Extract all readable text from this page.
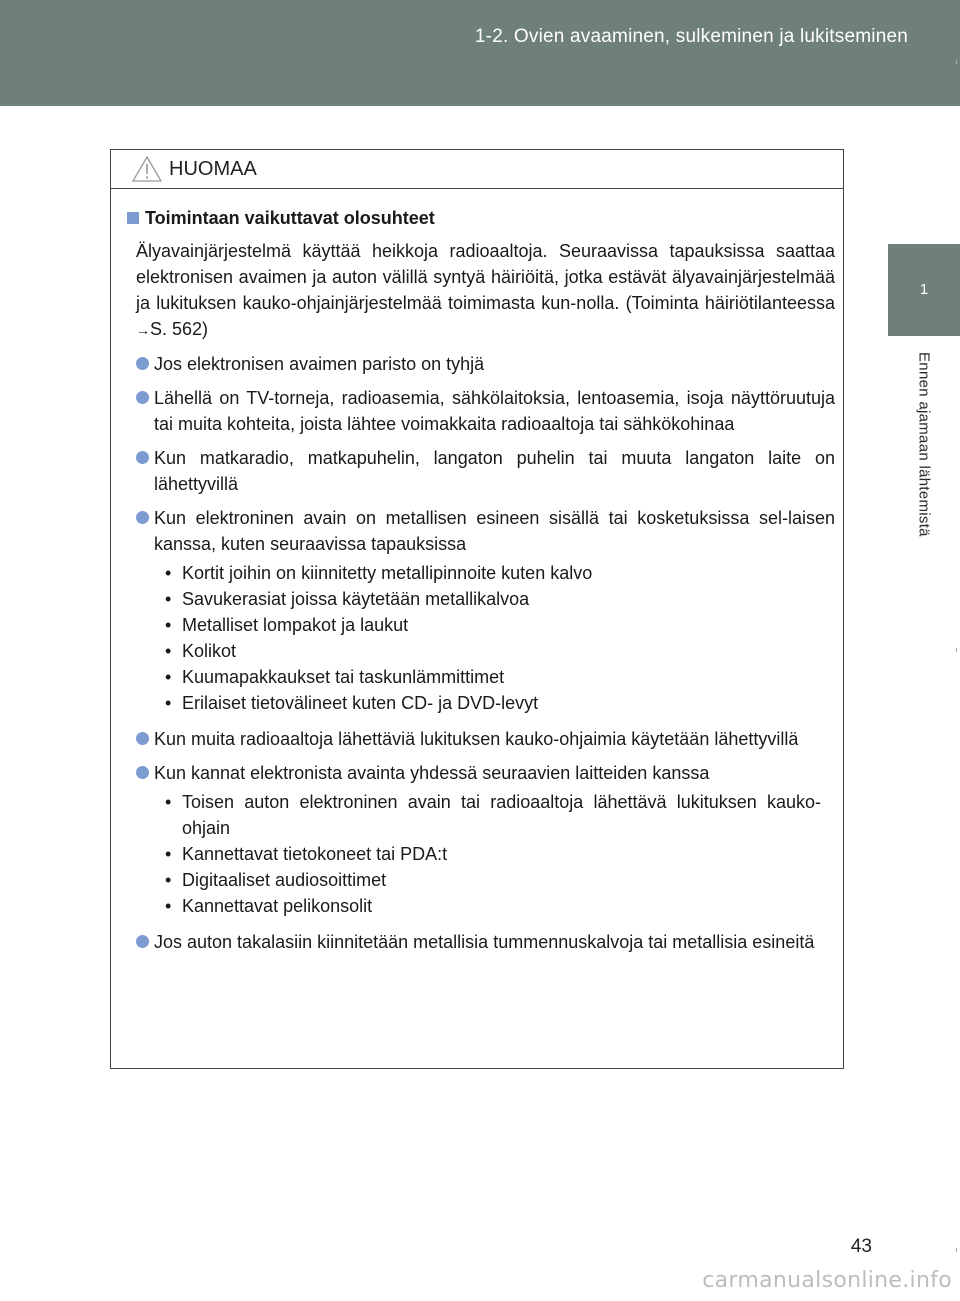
1-2. Ovien avaaminen, sulkeminen ja lukitseminen
1
Ennen ajamaan lähtemistä
HUOMAA
Toimintaan vaikuttavat olosuhteet

Älyavainjärjestelmä käyttää heikkoja radioaaltoja. Seuraavissa tapauksissa saattaa elektronisen avaimen ja auton välillä syntyä häiriöitä, jotka estävät älyavainjärjestelmää ja lukituksen kauko-ohjainjärjestelmää toimimasta kun-nolla. (Toiminta häiriötilanteessa →S. 562)

Jos elektronisen avaimen paristo on tyhjä
Lähellä on TV-torneja, radioasemia, sähkölaitoksia, lentoasemia, isoja näyttöruutuja tai muita kohteita, joista lähtee voimakkaita radioaaltoja tai sähkökohinaa
Kun matkaradio, matkapuhelin, langaton puhelin tai muuta langaton laite on lähettyvillä
Kun elektroninen avain on metallisen esineen sisällä tai kosketuksissa sel-laisen kanssa, kuten seuraavissa tapauksissa
• Kortit joihin on kiinnitetty metallipinnoite kuten kalvo
• Savukerasiat joissa käytetään metallikalvoa
• Metalliset lompakot ja laukut
• Kolikot
• Kuumapakkaukset tai taskunlämmittimet
• Erilaiset tietovälineet kuten CD- ja DVD-levyt
Kun muita radioaaltoja lähettäviä lukituksen kauko-ohjaimia käytetään lähettyvillä
Kun kannat elektronista avainta yhdessä seuraavien laitteiden kanssa
• Toisen auton elektroninen avain tai radioaaltoja lähettävä lukituksen kauko-ohjain
• Kannettavat tietokoneet tai PDA:t
• Digitaaliset audiosoittimet
• Kannettavat pelikonsolit
Jos auton takalasiin kiinnitetään metallisia tummennuskalvoja tai metallisia esineitä
43
carmanualsonline.info
